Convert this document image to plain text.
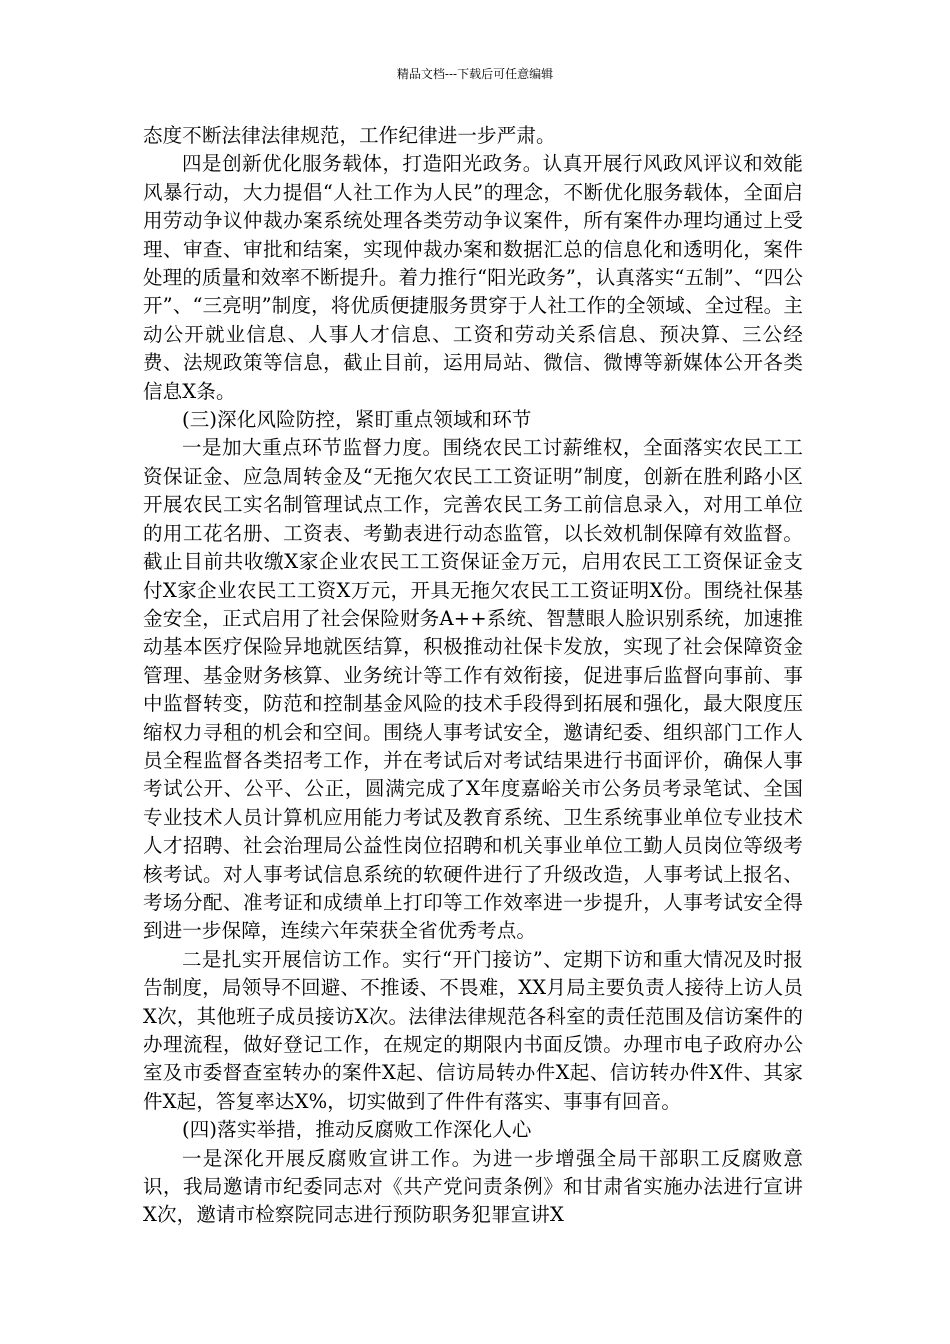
精品文档---下载后可任意编辑

态度不断法律法律规范，工作纪律进一步严肃。

四是创新优化服务载体，打造阳光政务。认真开展行风政风评议和效能风暴行动，大力提倡“人社工作为人民”的理念，不断优化服务载体，全面启用劳动争议仲裁办案系统处理各类劳动争议案件，所有案件办理均通过上受理、审查、审批和结案，实现仲裁办案和数据汇总的信息化和透明化，案件处理的质量和效率不断提升。着力推行“阳光政务”，认真落实“五制”、“四公开”、“三亮明”制度，将优质便捷服务贯穿于人社工作的全领域、全过程。主动公开就业信息、人事人才信息、工资和劳动关系信息、预决算、三公经费、法规政策等信息，截止目前，运用局站、微信、微博等新媒体公开各类信息X条。

(三)深化风险防控，紧盯重点领域和环节

一是加大重点环节监督力度。围绕农民工讨薪维权，全面落实农民工工资保证金、应急周转金及“无拖欠农民工工资证明”制度，创新在胜利路小区开展农民工实名制管理试点工作，完善农民工务工前信息录入，对用工单位的用工花名册、工资表、考勤表进行动态监管，以长效机制保障有效监督。截止目前共收缴X家企业农民工工资保证金万元，启用农民工工资保证金支付X家企业农民工工资X万元，开具无拖欠农民工工资证明X份。围绕社保基金安全，正式启用了社会保险财务A++系统、智慧眼人脸识别系统，加速推动基本医疗保险异地就医结算，积极推动社保卡发放，实现了社会保障资金管理、基金财务核算、业务统计等工作有效衔接，促进事后监督向事前、事中监督转变，防范和控制基金风险的技术手段得到拓展和强化，最大限度压缩权力寻租的机会和空间。围绕人事考试安全，邀请纪委、组织部门工作人员全程监督各类招考工作，并在考试后对考试结果进行书面评价，确保人事考试公开、公平、公正，圆满完成了X年度嘉峪关市公务员考录笔试、全国专业技术人员计算机应用能力考试及教育系统、卫生系统事业单位专业技术人才招聘、社会治理局公益性岗位招聘和机关事业单位工勤人员岗位等级考核考试。对人事考试信息系统的软硬件进行了升级改造，人事考试上报名、考场分配、准考证和成绩单上打印等工作效率进一步提升，人事考试安全得到进一步保障，连续六年荣获全省优秀考点。

二是扎实开展信访工作。实行“开门接访”、定期下访和重大情况及时报告制度，局领导不回避、不推诿、不畏难，XX月局主要负责人接待上访人员X次，其他班子成员接访X次。法律法律规范各科室的责任范围及信访案件的办理流程，做好登记工作，在规定的期限内书面反馈。办理市电子政府办公室及市委督查室转办的案件X起、信访局转办件X起、信访转办件X件、其家件X起，答复率达X%，切实做到了件件有落实、事事有回音。

(四)落实举措，推动反腐败工作深化人心

一是深化开展反腐败宣讲工作。为进一步增强全局干部职工反腐败意识，我局邀请市纪委同志对《共产党问责条例》和甘肃省实施办法进行宣讲X次，邀请市检察院同志进行预防职务犯罪宣讲X
